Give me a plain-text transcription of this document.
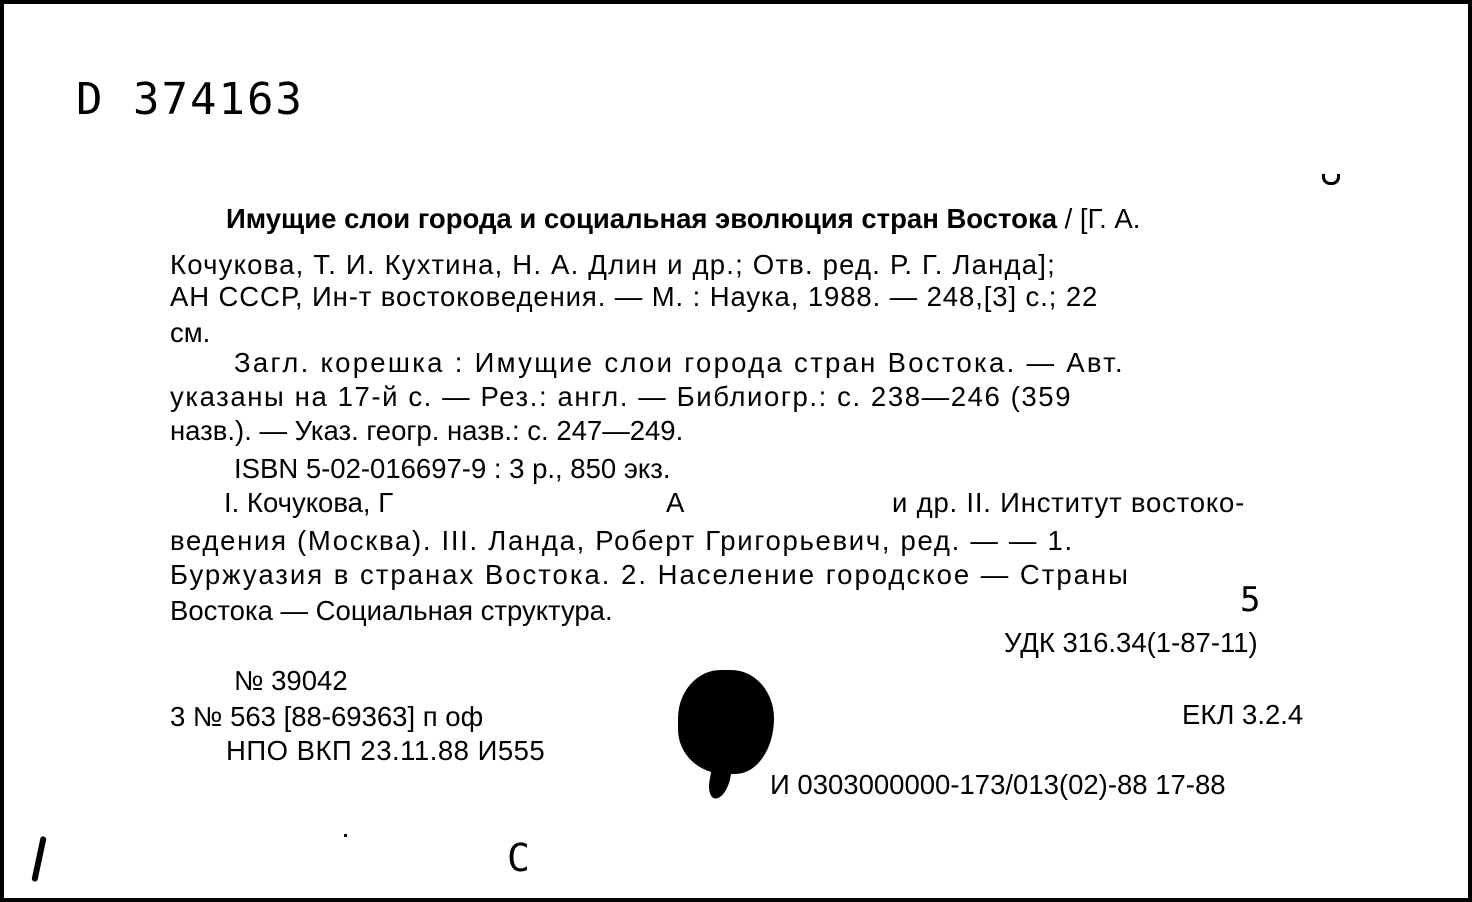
D 374163
Имущие слои города и социальная эволюция стран Востока / [Г. А.
Кочукова, Т. И. Кухтина, Н. А. Длин и др.; Отв. ред. Р. Г. Ланда];
АН СССР, Ин-т востоковедения. — М. : Наука, 1988. — 248,[3] с.; 22
см.
Загл. корешка : Имущие слои города стран Востока. — Авт.
указаны на 17-й с. — Рез.: англ. — Библиогр.: с. 238—246 (359
назв.). — Указ. геогр. назв.: с. 247—249.
ISBN 5-02-016697-9 : 3 р., 850 экз.
I. Кочукова, Г	А	и др. II. Институт востоко-
ведения (Москва). III. Ланда, Роберт Григорьевич, ред. — — 1.
Буржуазия в странах Востока. 2. Население городское — Страны
Востока — Социальная структура.	5
УДК 316.34(1-87-11)
№ 39042
3 № 563 [88-69363] п оф
НПО ВКП 23.11.88 И555
ЕКЛ 3.2.4
И 0303000000-173/013(02)-88 17-88
С
